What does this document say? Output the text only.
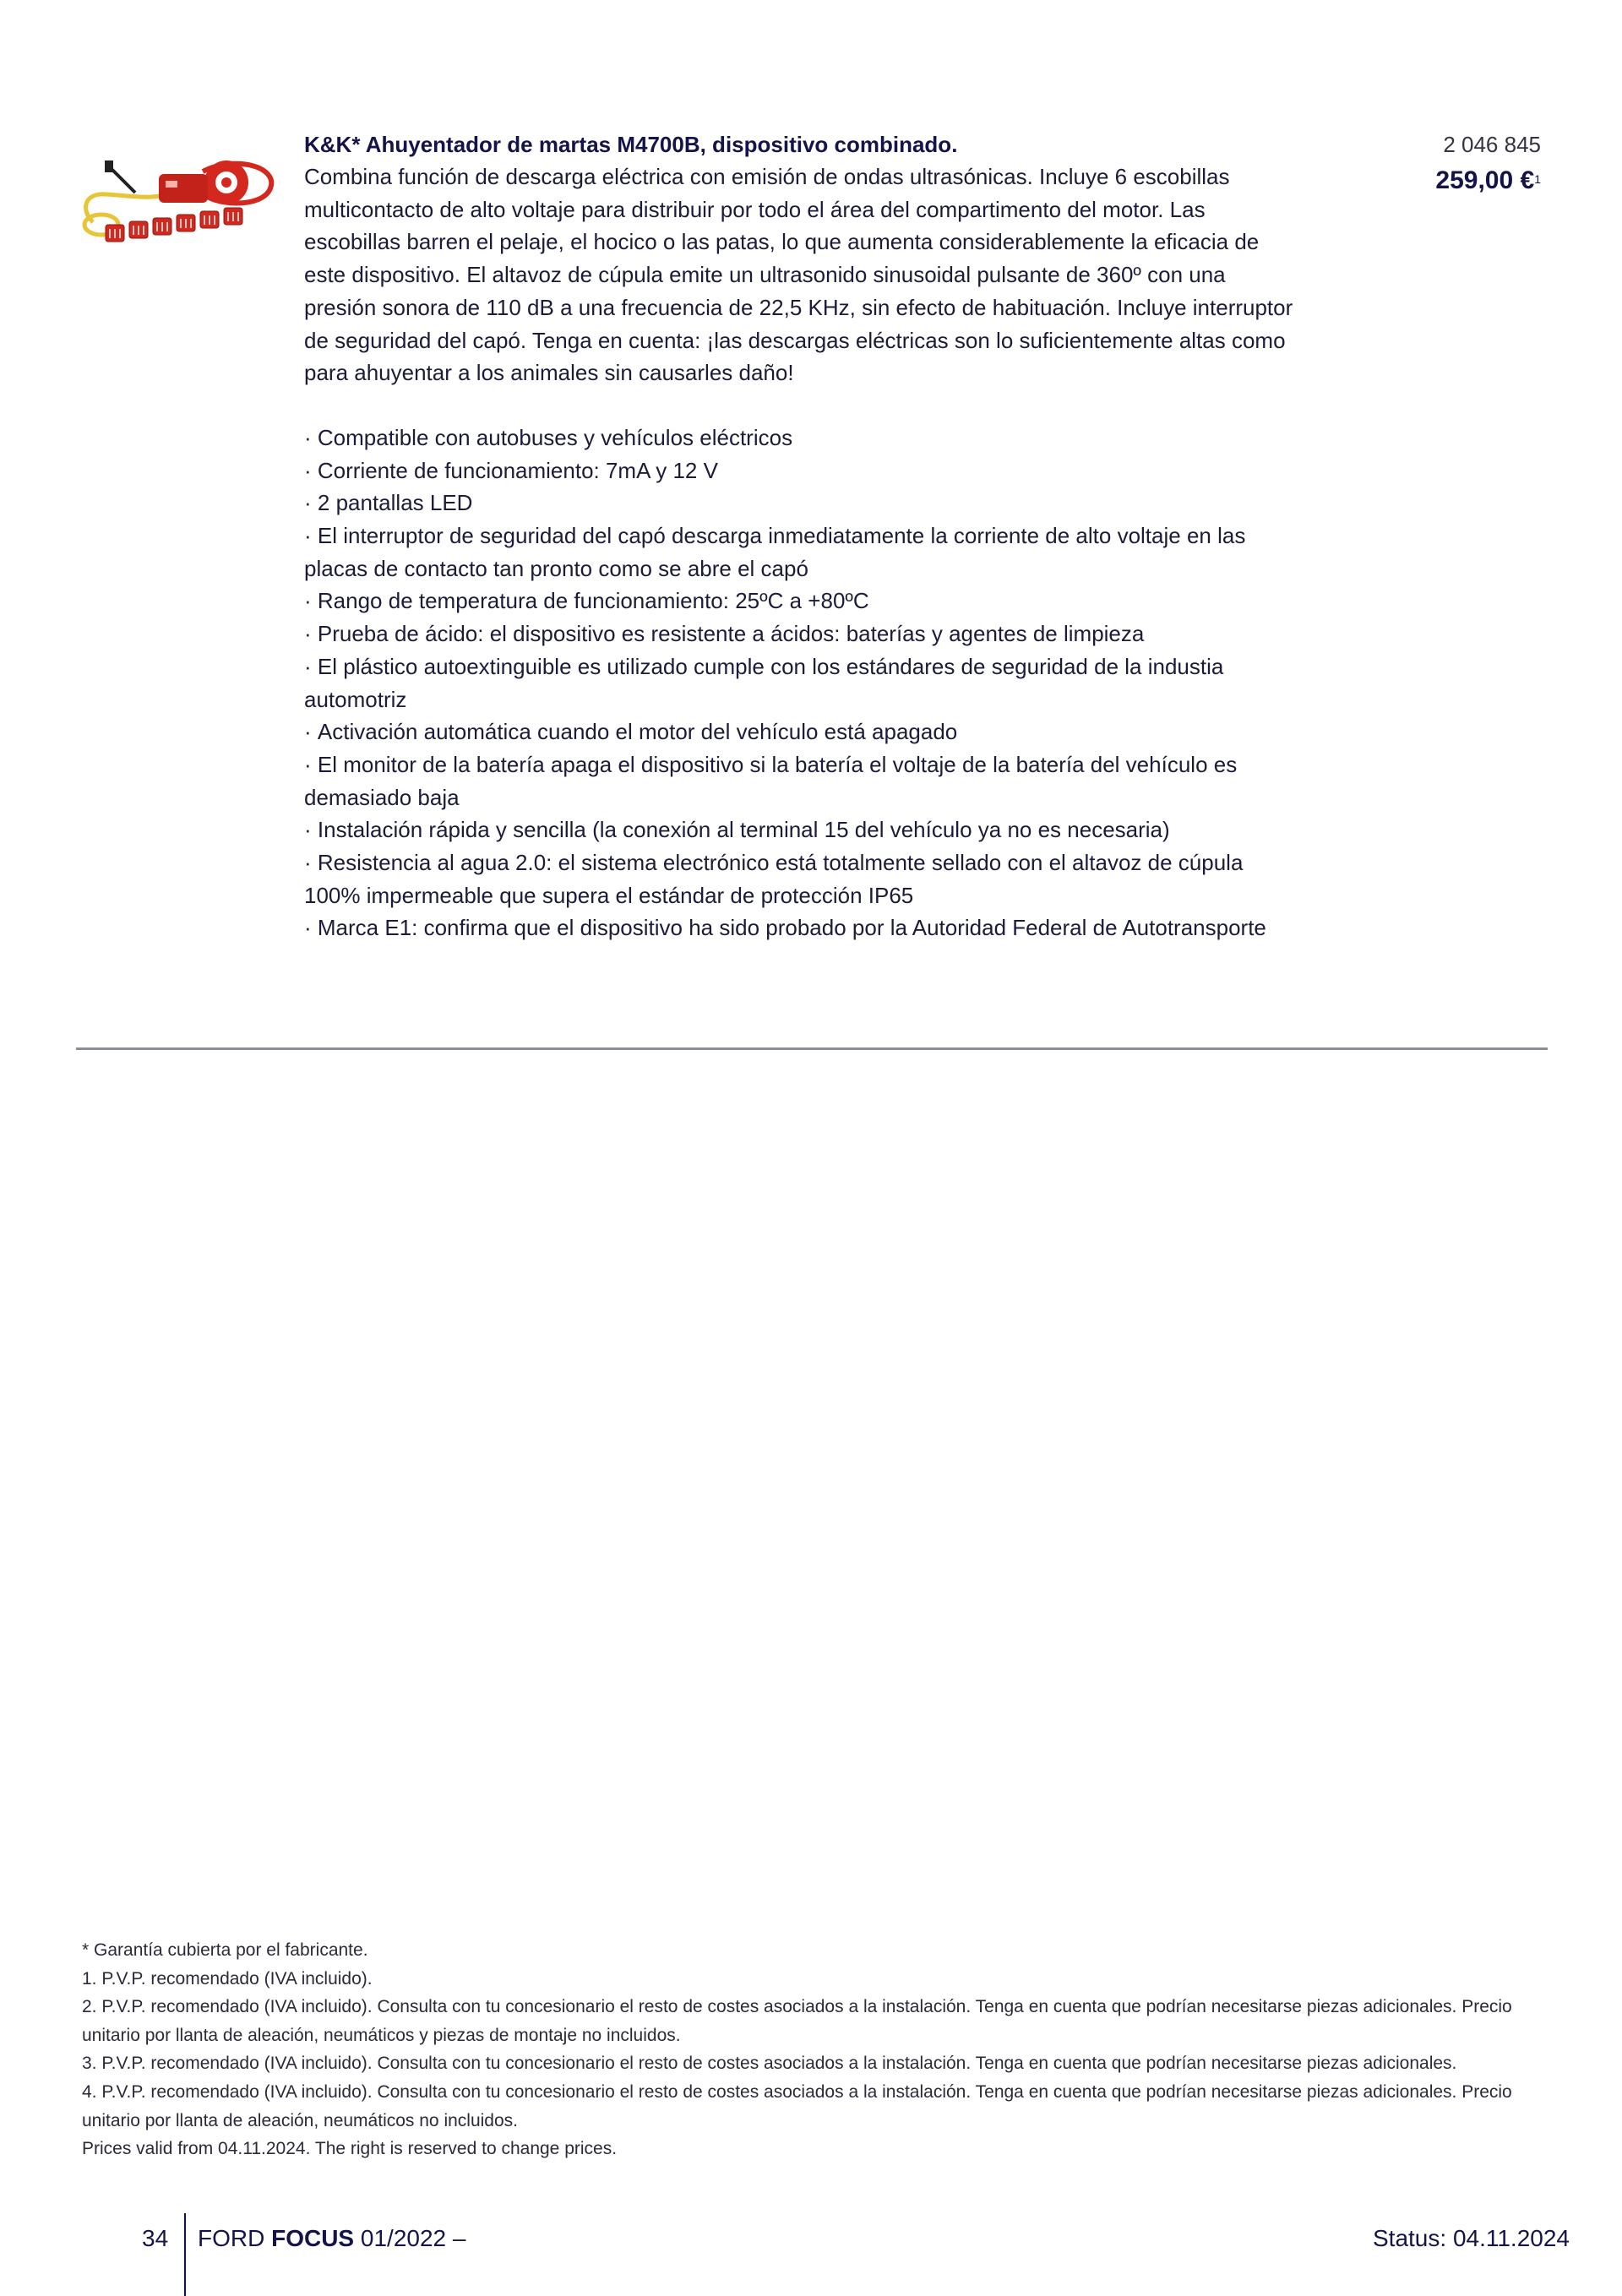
K&K* Ahuyentador de martas M4700B, dispositivo combinado.

Combina función de descarga eléctrica con emisión de ondas ultrasónicas. Incluye 6 escobillas multicontacto de alto voltaje para distribuir por todo el área del compartimento del motor. Las escobillas barren el pelaje, el hocico o las patas, lo que aumenta considerablemente la eficacia de este dispositivo. El altavoz de cúpula emite un ultrasonido sinusoidal pulsante de 360º con una presión sonora de 110 dB a una frecuencia de 22,5 KHz, sin efecto de habituación. Incluye interruptor de seguridad del capó. Tenga en cuenta: ¡las descargas eléctricas son lo suficientemente altas como para ahuyentar a los animales sin causarles daño!

· Compatible con autobuses y vehículos eléctricos
· Corriente de funcionamiento: 7mA y 12 V
· 2 pantallas LED
· El interruptor de seguridad del capó descarga inmediatamente la corriente de alto voltaje en las placas de contacto tan pronto como se abre el capó
· Rango de temperatura de funcionamiento: 25ºC a +80ºC
· Prueba de ácido: el dispositivo es resistente a ácidos: baterías y agentes de limpieza
· El plástico autoextinguible es utilizado cumple con los estándares de seguridad de la industia automotriz
· Activación automática cuando el motor del vehículo está apagado
· El monitor de la batería apaga el dispositivo si la batería el voltaje de la batería del vehículo es demasiado baja
· Instalación rápida y sencilla (la conexión al terminal 15 del vehículo ya no es necesaria)
· Resistencia al agua 2.0: el sistema electrónico está totalmente sellado con el altavoz de cúpula 100% impermeable que supera el estándar de protección IP65
· Marca E1: confirma que el dispositivo ha sido probado por la Autoridad Federal de Autotransporte
2 046 845
259,00 €$^1$

* Garantía cubierta por el fabricante.

1. P.V.P. recomendado (IVA incluido).

2. P.V.P. recomendado (IVA incluido). Consulta con tu concesionario el resto de costes asociados a la instalación. Tenga en cuenta que podrían necesitarse piezas adicionales. Precio unitario por llanta de aleación, neumáticos y piezas de montaje no incluidos.

3. P.V.P. recomendado (IVA incluido). Consulta con tu concesionario el resto de costes asociados a la instalación. Tenga en cuenta que podrían necesitarse piezas adicionales.

4. P.V.P. recomendado (IVA incluido). Consulta con tu concesionario el resto de costes asociados a la instalación. Tenga en cuenta que podrían necesitarse piezas adicionales. Precio unitario por llanta de aleación, neumáticos no incluidos.

Prices valid from 04.11.2024. The right is reserved to change prices.

34 FORD FOCUS 01/2022 –	Status: 04.11.2024
